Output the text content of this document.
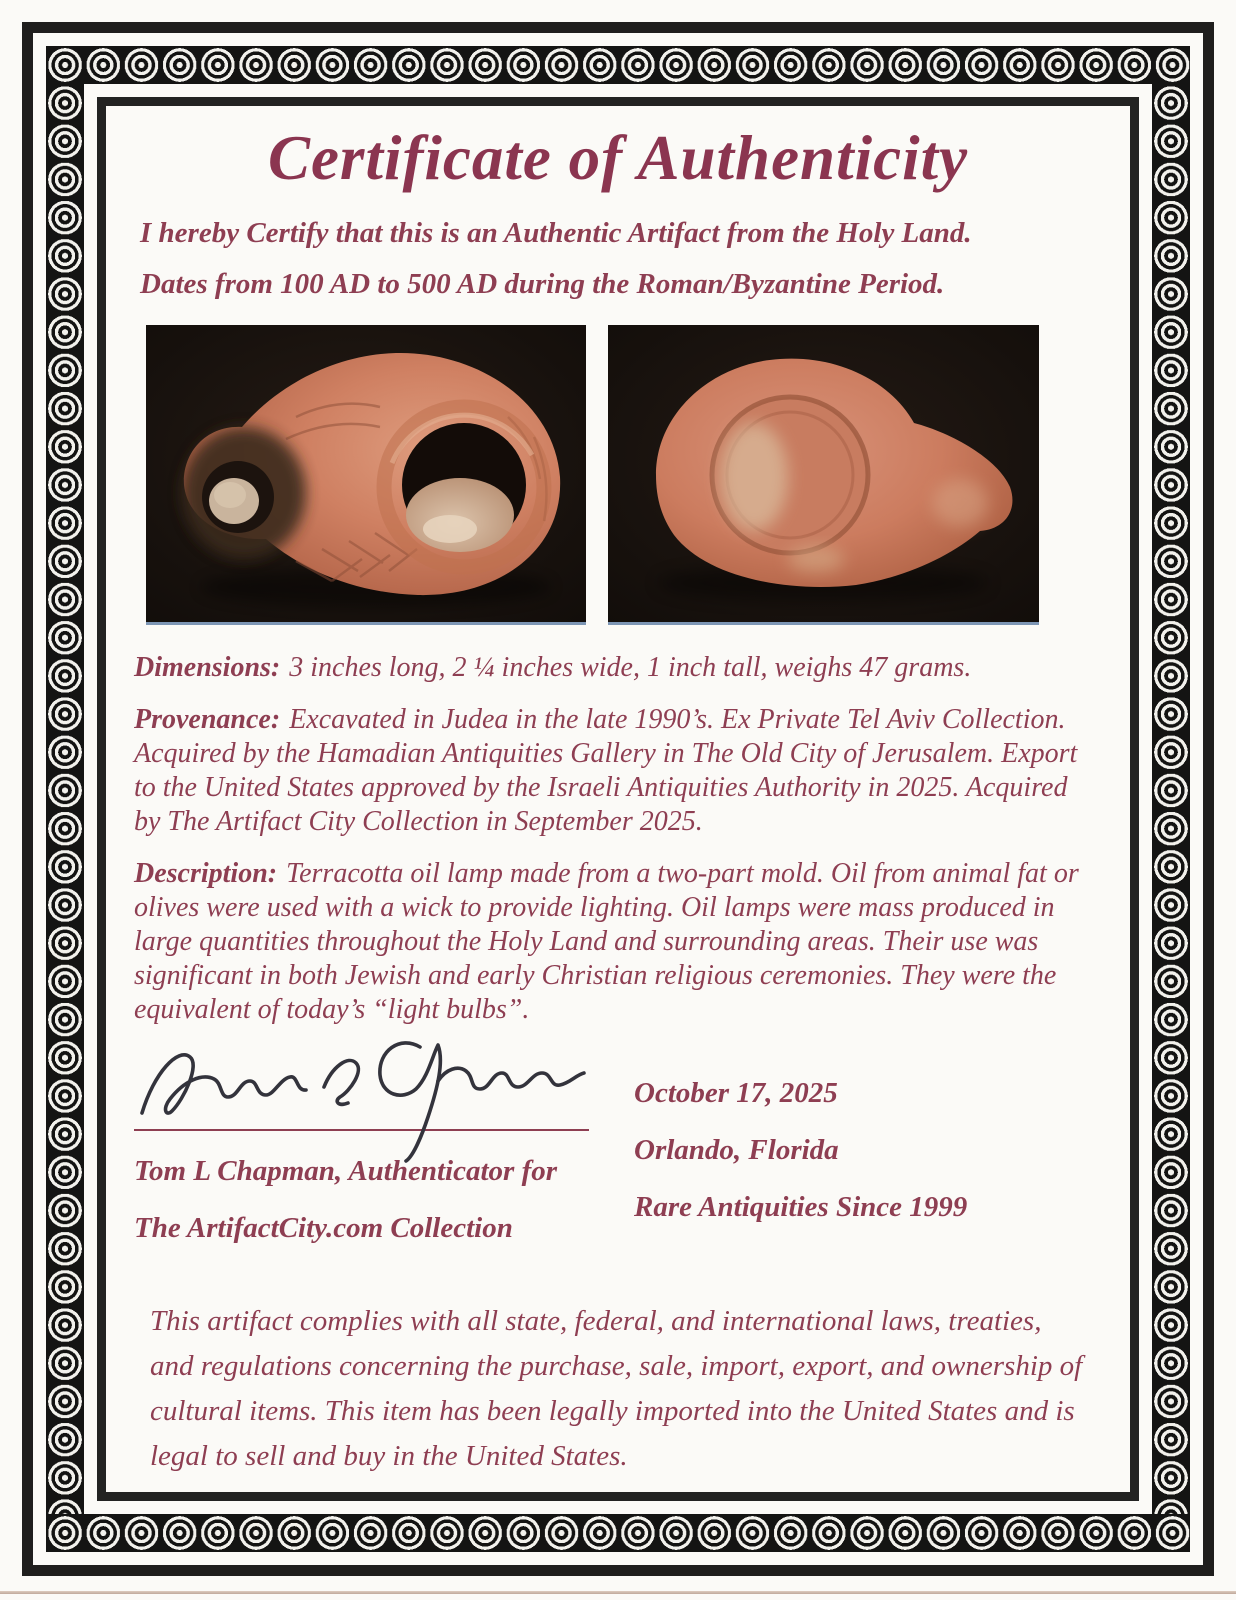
Certificate of Authenticity

I hereby Certify that this is an Authentic Artifact from the Holy Land.

Dates from 100 AD to 500 AD during the Roman/Byzantine Period.

Dimensions: 3 inches long, 2 ¼ inches wide, 1 inch tall, weighs 47 grams.

Provenance: Excavated in Judea in the late 1990’s. Ex Private Tel Aviv Collection. Acquired by the Hamadian Antiquities Gallery in The Old City of Jerusalem. Export to the United States approved by the Israeli Antiquities Authority in 2025. Acquired by The Artifact City Collection in September 2025.

Description: Terracotta oil lamp made from a two-part mold. Oil from animal fat or olives were used with a wick to provide lighting. Oil lamps were mass produced in large quantities throughout the Holy Land and surrounding areas. Their use was significant in both Jewish and early Christian religious ceremonies. They were the equivalent of today’s “light bulbs”.

Tom L Chapman, Authenticator for

The ArtifactCity.com Collection

October 17, 2025

Orlando, Florida

Rare Antiquities Since 1999

This artifact complies with all state, federal, and international laws, treaties, and regulations concerning the purchase, sale, import, export, and ownership of cultural items. This item has been legally imported into the United States and is legal to sell and buy in the United States.
